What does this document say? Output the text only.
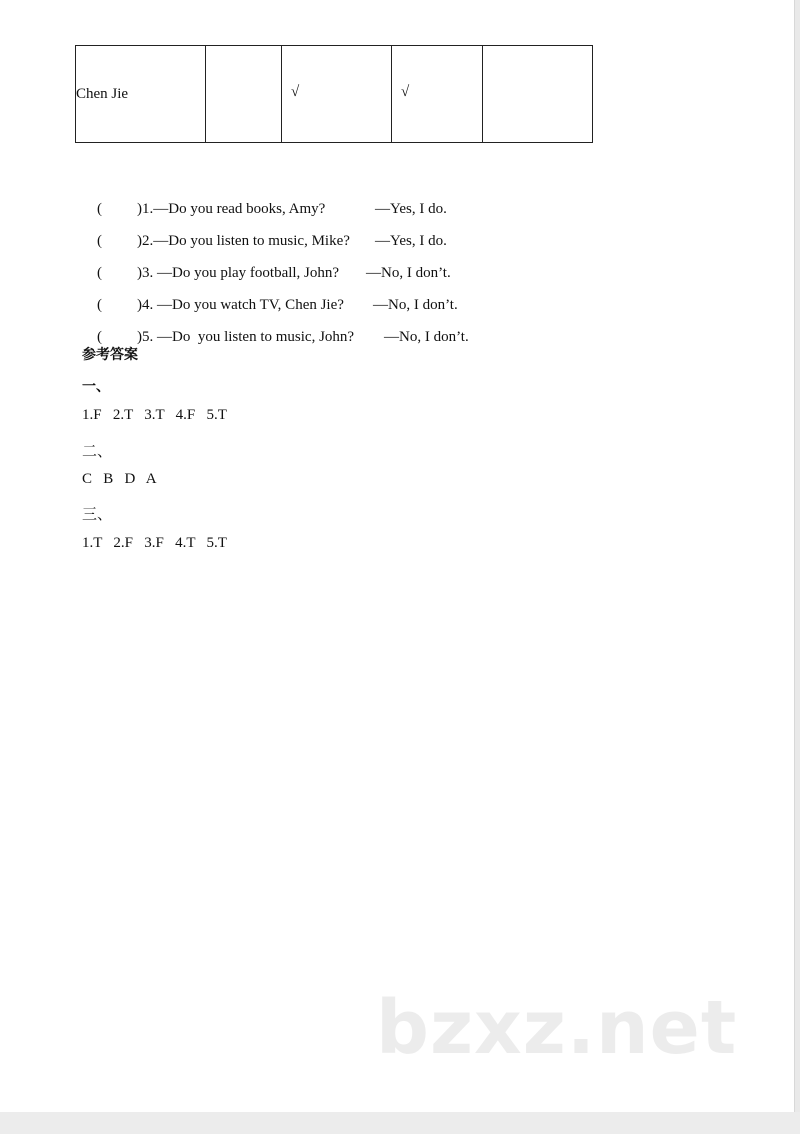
Chen Jie		√	√

( )1.—Do you read books, Amy?	—Yes, I do.

( )2.—Do you listen to music, Mike? —Yes, I do.

( )3. —Do you play football, John? —No, I don’t.

( )4. —Do you watch TV, Chen Jie? —No, I don’t.

( )5. —Do  you listen to music, John? —No, I don’t.

参考答案
一、
1.F   2.T   3.T   4.F   5.T
二、
C   B   D   A
三、
1.T   2.F   3.F   4.T   5.T
bzxz.net
